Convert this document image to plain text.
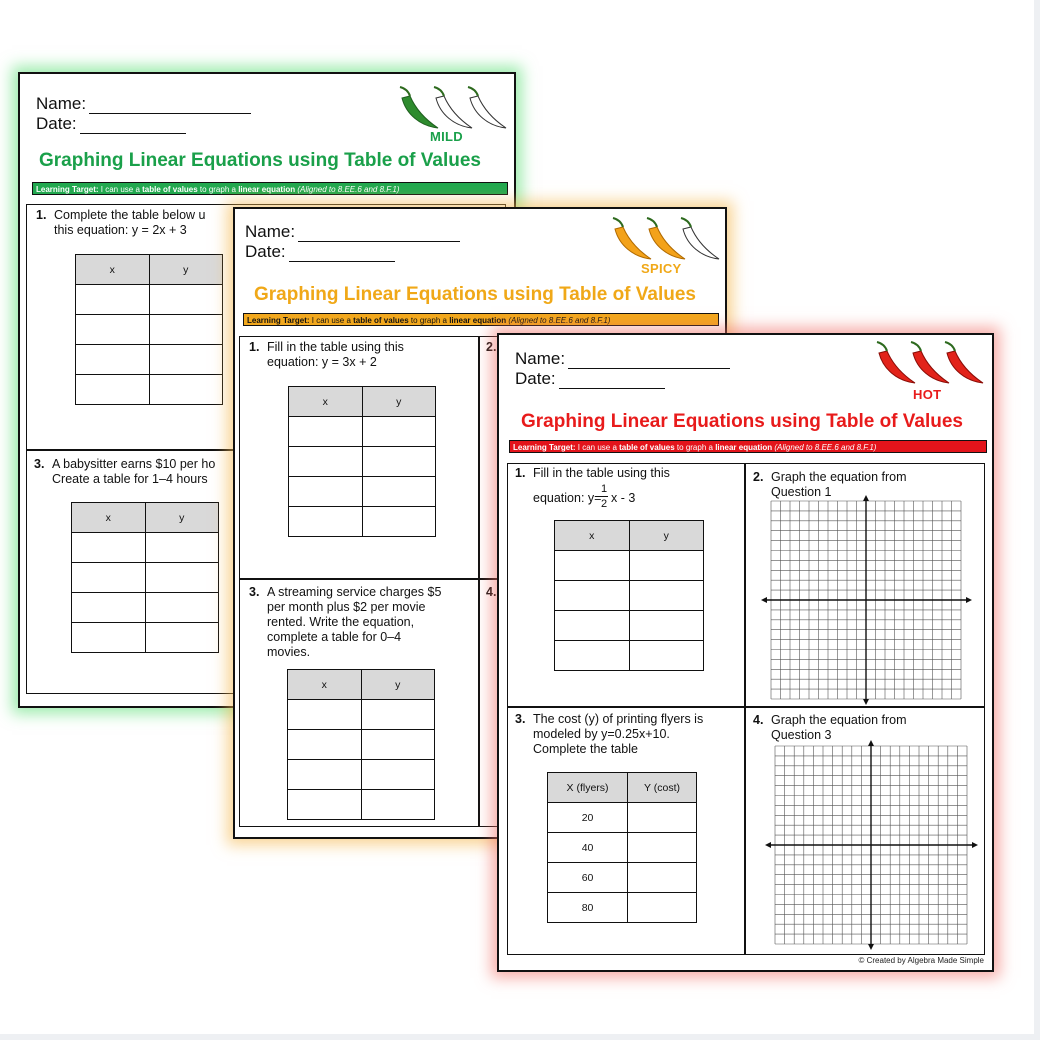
Name:
Date:
MILD
Graphing Linear Equations using Table of Values
Learning Target: I can use a table of values to graph a linear equation (Aligned to 8.EE.6 and 8.F.1)
1. Complete the table below u
this equation: y = 2x + 3
x	y

3. A babysitter earns $10 per ho
Create a table for 1–4 hours
x	y

Name:
Date:
SPICY
Graphing Linear Equations using Table of Values
Learning Target: I can use a table of values to graph a linear equation (Aligned to 8.EE.6 and 8.F.1)
1. Fill in the table using this
equation: y = 3x + 2
2.
x	y

3. A streaming service charges $5
per month plus $2 per movie
rented. Write the equation,
complete a table for 0–4
movies.
4.
x	y

Name:
Date:
HOT
Graphing Linear Equations using Table of Values
Learning Target: I can use a table of values to graph a linear equation (Aligned to 8.EE.6 and 8.F.1)
1. Fill in the table using this
equation: y=
1
2 x - 3
x	y

2. Graph the equation from
Question 1
3. The cost (y) of printing flyers is
modeled by y=0.25x+10.
Complete the table
X (flyers)	Y (cost)
20	
40	
60	
80	
4. Graph the equation from
Question 3
© Created by Algebra Made Simple
